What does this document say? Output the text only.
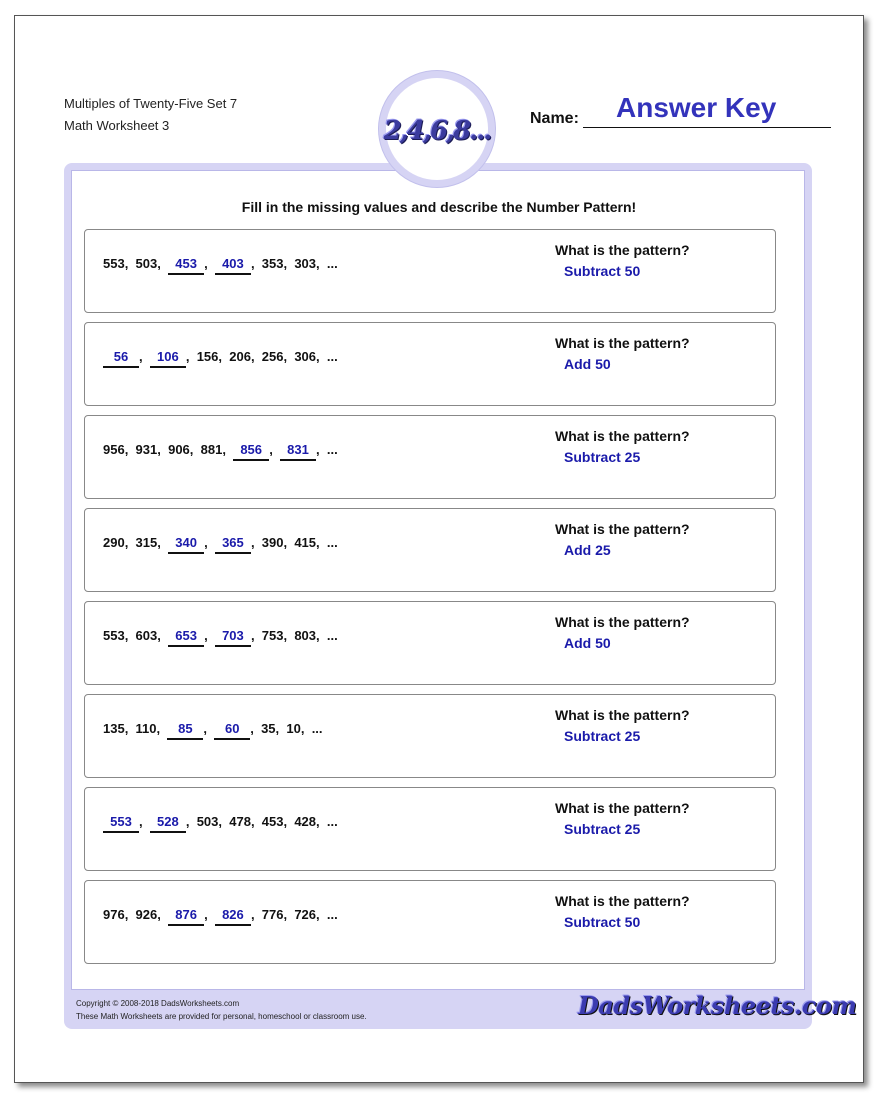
Multiples of Twenty-Five Set 7
Math Worksheet 3	2,4,6,8... Name: Answer Key
Fill in the missing values and describe the Number Pattern!
553,  503,  453 ,  403 ,  353,  303,  ...
What is the pattern?
Subtract 50
56 ,  106 ,  156,  206,  256,  306,  ...
What is the pattern?
Add 50
956,  931,  906,  881,  856 ,  831 ,  ...
What is the pattern?
Subtract 25
290,  315,  340 ,  365 ,  390,  415,  ...
What is the pattern?
Add 25
553,  603,  653 ,  703 ,  753,  803,  ...
What is the pattern?
Add 50
135,  110,  85 ,  60 ,  35,  10,  ...
What is the pattern?
Subtract 25
553 ,  528 ,  503,  478,  453,  428,  ...
What is the pattern?
Subtract 25
976,  926,  876 ,  826 ,  776,  726,  ...
What is the pattern?
Subtract 50
Copyright © 2008-2018 DadsWorksheets.com
These Math Worksheets are provided for personal, homeschool or classroom use.	DadsWorksheets.com
